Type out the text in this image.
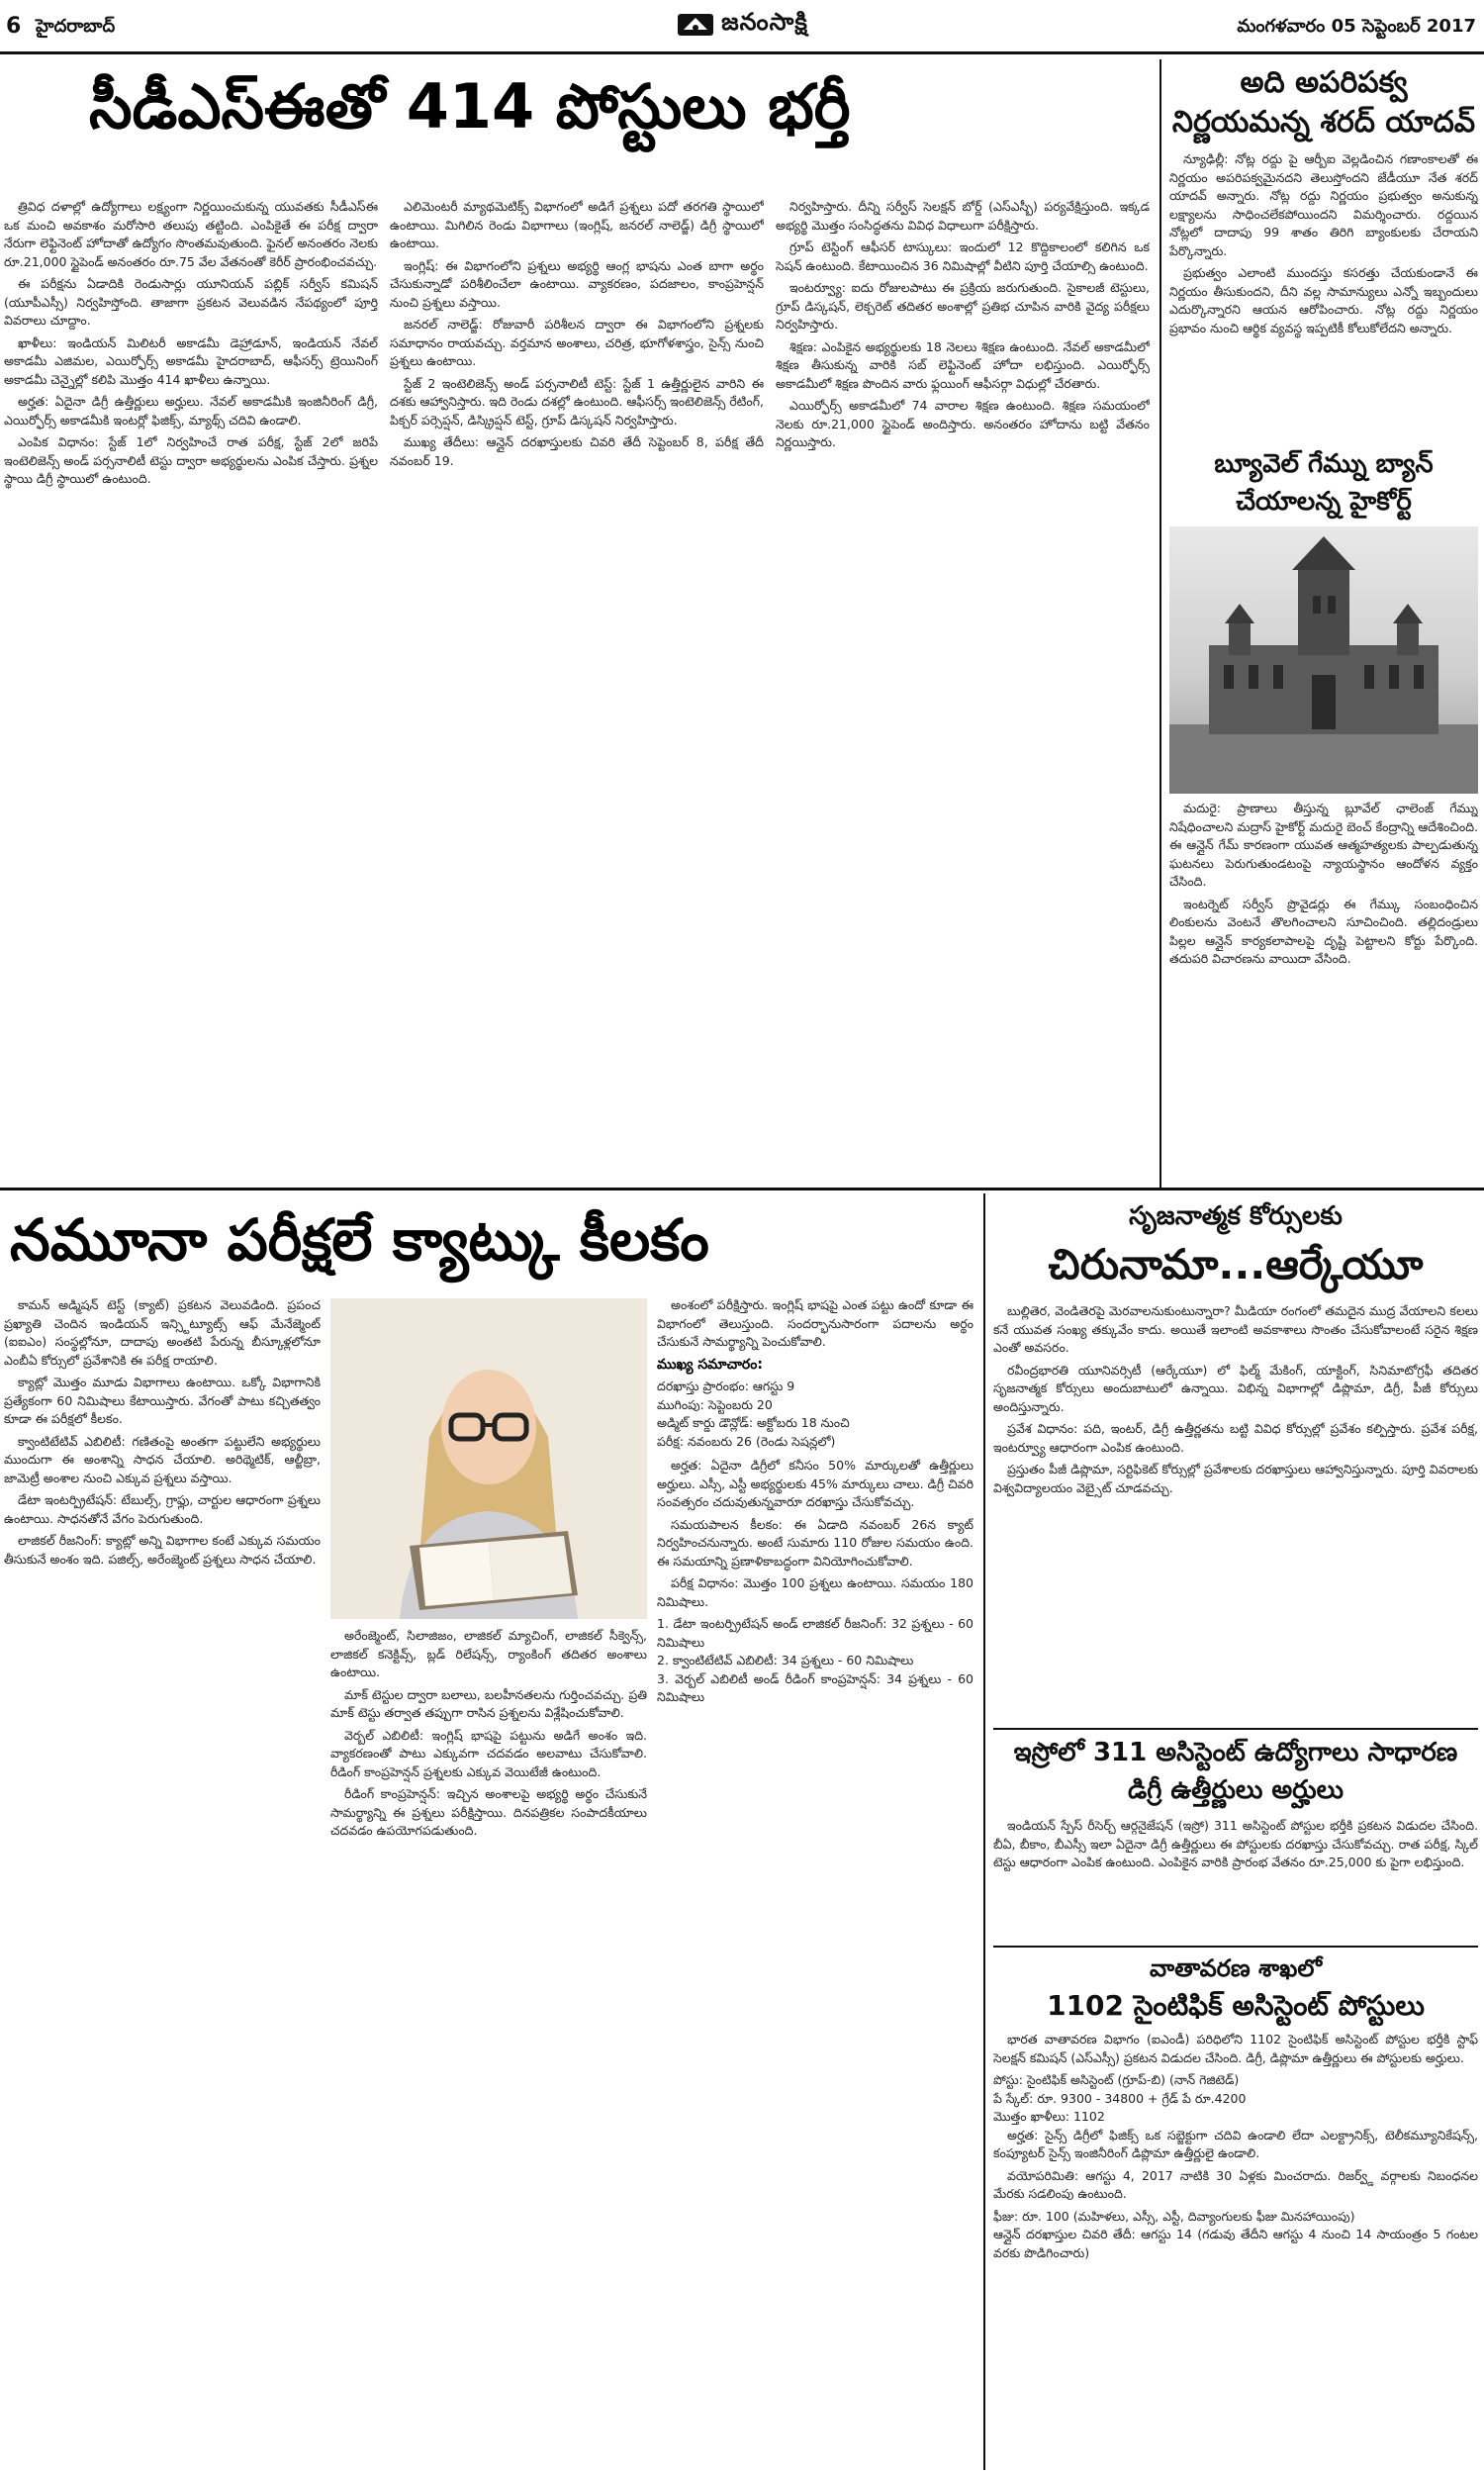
6 హైదరాబాద్	జనంసాక్షి	మంగళవారం 05 సెప్టెంబర్ 2017
సీడీఎస్ఈతో 414 పోస్టులు భర్తీ

త్రివిధ దళాల్లో ఉద్యోగాలు లక్ష్యంగా నిర్ణయించుకున్న యువతకు సీడీఎస్ఈ ఒక మంచి అవకాశం మరోసారి తలుపు తట్టింది. ఎంపికైతే ఈ పరీక్ష ద్వారా నేరుగా లెఫ్టినెంట్ హోదాతో ఉద్యోగం సొంతమవుతుంది. ఫైనల్ అనంతరం నెలకు రూ.21,000 స్టైపెండ్ అనంతరం రూ.75 వేల వేతనంతో కెరీర్ ప్రారంభించవచ్చు.

ఈ పరీక్షను ఏడాదికి రెండుసార్లు యూనియన్ పబ్లిక్ సర్వీస్ కమిషన్ (యూపీఎస్సీ) నిర్వహిస్తోంది. తాజాగా ప్రకటన వెలువడిన నేపథ్యంలో పూర్తి వివరాలు చూద్దాం.

ఖాళీలు: ఇండియన్ మిలిటరీ అకాడమీ డెహ్రాడూన్, ఇండియన్ నేవల్ అకాడమీ ఎజిమల, ఎయిర్ఫోర్స్ అకాడమీ హైదరాబాద్, ఆఫీసర్స్ ట్రెయినింగ్ అకాడమీ చెన్నైల్లో కలిపి మొత్తం 414 ఖాళీలు ఉన్నాయి.

అర్హత: ఏదైనా డిగ్రీ ఉత్తీర్ణులు అర్హులు. నేవల్ అకాడమీకి ఇంజినీరింగ్ డిగ్రీ, ఎయిర్ఫోర్స్ అకాడమీకి ఇంటర్లో ఫిజిక్స్, మ్యాథ్స్ చదివి ఉండాలి.

ఎంపిక విధానం: స్టేజ్ 1లో నిర్వహించే రాత పరీక్ష, స్టేజ్ 2లో జరిపే ఇంటెలిజెన్స్ అండ్ పర్సనాలిటీ టెస్టు ద్వారా అభ్యర్థులను ఎంపిక చేస్తారు. ప్రశ్నల స్థాయి డిగ్రీ స్థాయిలో ఉంటుంది.

ఎలిమెంటరీ మ్యాథమెటిక్స్ విభాగంలో అడిగే ప్రశ్నలు పదో తరగతి స్థాయిలో ఉంటాయి. మిగిలిన రెండు విభాగాలు (ఇంగ్లిష్, జనరల్ నాలెడ్జ్) డిగ్రీ స్థాయిలో ఉంటాయి.

ఇంగ్లిష్: ఈ విభాగంలోని ప్రశ్నలు అభ్యర్థి ఆంగ్ల భాషను ఎంత బాగా అర్థం చేసుకున్నాడో పరిశీలించేలా ఉంటాయి. వ్యాకరణం, పదజాలం, కాంప్రహెన్షన్ నుంచి ప్రశ్నలు వస్తాయి.

జనరల్ నాలెడ్జ్: రోజువారీ పరిశీలన ద్వారా ఈ విభాగంలోని ప్రశ్నలకు సమాధానం రాయవచ్చు. వర్తమాన అంశాలు, చరిత్ర, భూగోళశాస్త్రం, సైన్స్ నుంచి ప్రశ్నలు ఉంటాయి.

స్టేజ్ 2 ఇంటెలిజెన్స్ అండ్ పర్సనాలిటీ టెస్ట్: స్టేజ్ 1 ఉత్తీర్ణులైన వారిని ఈ దశకు ఆహ్వానిస్తారు. ఇది రెండు దశల్లో ఉంటుంది. ఆఫీసర్స్ ఇంటెలిజెన్స్ రేటింగ్, పిక్చర్ పర్సెప్షన్, డిస్క్రిప్షన్ టెస్ట్, గ్రూప్ డిస్కషన్ నిర్వహిస్తారు.

ముఖ్య తేదీలు: ఆన్లైన్ దరఖాస్తులకు చివరి తేదీ సెప్టెంబర్ 8, పరీక్ష తేదీ నవంబర్ 19.

నిర్వహిస్తారు. దీన్ని సర్వీస్ సెలక్షన్ బోర్డ్ (ఎస్ఎస్బీ) పర్యవేక్షిస్తుంది. ఇక్కడ అభ్యర్థి మొత్తం సంసిద్ధతను వివిధ విధాలుగా పరీక్షిస్తారు.

గ్రూప్ టెస్టింగ్ ఆఫీసర్ టాస్కులు: ఇందులో 12 కొద్దికాలంలో కలిగిన ఒక సెషన్ ఉంటుంది. కేటాయించిన 36 నిమిషాల్లో వీటిని పూర్తి చేయాల్సి ఉంటుంది.

ఇంటర్వ్యూ: ఐదు రోజులపాటు ఈ ప్రక్రియ జరుగుతుంది. సైకాలజీ టెస్టులు, గ్రూప్ డిస్కషన్, లెక్చరెట్ తదితర అంశాల్లో ప్రతిభ చూపిన వారికి వైద్య పరీక్షలు నిర్వహిస్తారు.

శిక్షణ: ఎంపికైన అభ్యర్థులకు 18 నెలలు శిక్షణ ఉంటుంది. నేవల్ అకాడమీలో శిక్షణ తీసుకున్న వారికి సబ్ లెఫ్టినెంట్ హోదా లభిస్తుంది. ఎయిర్ఫోర్స్ అకాడమీలో శిక్షణ పొందిన వారు ఫ్లయింగ్ ఆఫీసర్గా విధుల్లో చేరతారు.

ఎయిర్ఫోర్స్ అకాడమీలో 74 వారాల శిక్షణ ఉంటుంది. శిక్షణ సమయంలో నెలకు రూ.21,000 స్టైపెండ్ అందిస్తారు. అనంతరం హోదాను బట్టి వేతనం నిర్ణయిస్తారు.

అది అపరిపక్వ నిర్ణయమన్న శరద్ యాదవ్

న్యూఢిల్లీ: నోట్ల రద్దు పై ఆర్బీఐ వెల్లడించిన గణాంకాలతో ఈ నిర్ణయం అపరిపక్వమైనదని తెలుస్తోందని జేడీయూ నేత శరద్ యాదవ్ అన్నారు. నోట్ల రద్దు నిర్ణయం ప్రభుత్వం అనుకున్న లక్ష్యాలను సాధించలేకపోయిందని విమర్శించారు. రద్దయిన నోట్లలో దాదాపు 99 శాతం తిరిగి బ్యాంకులకు చేరాయని పేర్కొన్నారు.

ప్రభుత్వం ఎలాంటి ముందస్తు కసరత్తు చేయకుండానే ఈ నిర్ణయం తీసుకుందని, దీని వల్ల సామాన్యులు ఎన్నో ఇబ్బందులు ఎదుర్కొన్నారని ఆయన ఆరోపించారు. నోట్ల రద్దు నిర్ణయం ప్రభావం నుంచి ఆర్థిక వ్యవస్థ ఇప్పటికీ కోలుకోలేదని అన్నారు.

బ్యూవెల్ గేమ్ను బ్యాన్ చేయాలన్న హైకోర్ట్

మదురై: ప్రాణాలు తీస్తున్న బ్లూవేల్ ఛాలెంజ్ గేమ్ను నిషేధించాలని మద్రాస్ హైకోర్ట్ మదురై బెంచ్ కేంద్రాన్ని ఆదేశించింది. ఈ ఆన్లైన్ గేమ్ కారణంగా యువత ఆత్మహత్యలకు పాల్పడుతున్న ఘటనలు పెరుగుతుండటంపై న్యాయస్థానం ఆందోళన వ్యక్తం చేసింది.

ఇంటర్నెట్ సర్వీస్ ప్రొవైడర్లు ఈ గేమ్కు సంబంధించిన లింకులను వెంటనే తొలగించాలని సూచించింది. తల్లిదండ్రులు పిల్లల ఆన్లైన్ కార్యకలాపాలపై దృష్టి పెట్టాలని కోర్టు పేర్కొంది. తదుపరి విచారణను వాయిదా వేసింది.

నమూనా పరీక్షలే క్యాట్కు కీలకం

కామన్ అడ్మిషన్ టెస్ట్ (క్యాట్) ప్రకటన వెలువడింది. ప్రపంచ ప్రఖ్యాతి చెందిన ఇండియన్ ఇన్స్టిట్యూట్స్ ఆఫ్ మేనేజ్మెంట్ (ఐఐఎం) సంస్థల్లోనూ, దాదాపు అంతటి పేరున్న బీస్కూళ్లలోనూ ఎంబీఏ కోర్సులో ప్రవేశానికి ఈ పరీక్ష రాయాలి.

క్యాట్లో మొత్తం మూడు విభాగాలు ఉంటాయి. ఒక్కో విభాగానికి ప్రత్యేకంగా 60 నిమిషాలు కేటాయిస్తారు. వేగంతో పాటు కచ్చితత్వం కూడా ఈ పరీక్షలో కీలకం.

క్వాంటిటేటివ్ ఎబిలిటీ: గణితంపై అంతగా పట్టులేని అభ్యర్థులు ముందుగా ఈ అంశాన్ని సాధన చేయాలి. అరిథ్మెటిక్, ఆల్జీబ్రా, జామెట్రీ అంశాల నుంచి ఎక్కువ ప్రశ్నలు వస్తాయి.

డేటా ఇంటర్ప్రిటేషన్: టేబుల్స్, గ్రాఫ్లు, చార్టుల ఆధారంగా ప్రశ్నలు ఉంటాయి. సాధనతోనే వేగం పెరుగుతుంది.

లాజికల్ రీజనింగ్: క్యాట్లో అన్ని విభాగాల కంటే ఎక్కువ సమయం తీసుకునే అంశం ఇది. పజిల్స్, అరేంజ్మెంట్ ప్రశ్నలు సాధన చేయాలి.

అరేంజ్మెంట్, సిలాజిజం, లాజికల్ మ్యాచింగ్, లాజికల్ సీక్వెన్స్, లాజికల్ కనెక్టివ్స్, బ్లడ్ రిలేషన్స్, ర్యాంకింగ్ తదితర అంశాలు ఉంటాయి.

మాక్ టెస్టుల ద్వారా బలాలు, బలహీనతలను గుర్తించవచ్చు. ప్రతి మాక్ టెస్టు తర్వాత తప్పుగా రాసిన ప్రశ్నలను విశ్లేషించుకోవాలి.

వెర్బల్ ఎబిలిటీ: ఇంగ్లిష్ భాషపై పట్టును అడిగే అంశం ఇది. వ్యాకరణంతో పాటు ఎక్కువగా చదవడం అలవాటు చేసుకోవాలి. రీడింగ్ కాంప్రహెన్షన్ ప్రశ్నలకు ఎక్కువ వెయిటేజీ ఉంటుంది.

రీడింగ్ కాంప్రహెన్షన్: ఇచ్చిన అంశాలపై అభ్యర్థి అర్థం చేసుకునే సామర్థ్యాన్ని ఈ ప్రశ్నలు పరీక్షిస్తాయి. దినపత్రికల సంపాదకీయాలు చదవడం ఉపయోగపడుతుంది.

అంశంలో పరీక్షిస్తారు. ఇంగ్లిష్ భాషపై ఎంత పట్టు ఉందో కూడా ఈ విభాగంలో తెలుస్తుంది. సందర్భానుసారంగా పదాలను అర్థం చేసుకునే సామర్థ్యాన్ని పెంచుకోవాలి.

ముఖ్య సమాచారం:
దరఖాస్తు ప్రారంభం: ఆగస్టు 9
ముగింపు: సెప్టెంబరు 20
అడ్మిట్ కార్డు డౌన్లోడ్: అక్టోబరు 18 నుంచి
పరీక్ష: నవంబరు 26 (రెండు సెషన్లలో)

అర్హత: ఏదైనా డిగ్రీలో కనీసం 50% మార్కులతో ఉత్తీర్ణులు అర్హులు. ఎస్సీ, ఎస్టీ అభ్యర్థులకు 45% మార్కులు చాలు. డిగ్రీ చివరి సంవత్సరం చదువుతున్నవారూ దరఖాస్తు చేసుకోవచ్చు.

సమయపాలన కీలకం: ఈ ఏడాది నవంబర్ 26న క్యాట్ నిర్వహించనున్నారు. అంటే సుమారు 110 రోజుల సమయం ఉంది. ఈ సమయాన్ని ప్రణాళికాబద్ధంగా వినియోగించుకోవాలి.

పరీక్ష విధానం: మొత్తం 100 ప్రశ్నలు ఉంటాయి. సమయం 180 నిమిషాలు.

1. డేటా ఇంటర్ప్రిటేషన్ అండ్ లాజికల్ రీజనింగ్: 32 ప్రశ్నలు - 60 నిమిషాలు
2. క్వాంటిటేటివ్ ఎబిలిటీ: 34 ప్రశ్నలు - 60 నిమిషాలు
3. వెర్బల్ ఎబిలిటీ అండ్ రీడింగ్ కాంప్రహెన్షన్: 34 ప్రశ్నలు - 60 నిమిషాలు
సృజనాత్మక కోర్సులకు
చిరునామా...ఆర్కేయూ

బుల్లితెర, వెండితెరపై మెరవాలనుకుంటున్నారా? మీడియా రంగంలో తమదైన ముద్ర వేయాలని కలలు కనే యువత సంఖ్య తక్కువేం కాదు. అయితే ఇలాంటి అవకాశాలు సొంతం చేసుకోవాలంటే సరైన శిక్షణ ఎంతో అవసరం.

రవీంద్రభారతి యూనివర్సిటీ (ఆర్కేయూ) లో ఫిల్మ్ మేకింగ్, యాక్టింగ్, సినిమాటోగ్రఫీ తదితర సృజనాత్మక కోర్సులు అందుబాటులో ఉన్నాయి. విభిన్న విభాగాల్లో డిప్లొమా, డిగ్రీ, పీజీ కోర్సులు అందిస్తున్నారు.

ప్రవేశ విధానం: పది, ఇంటర్, డిగ్రీ ఉత్తీర్ణతను బట్టి వివిధ కోర్సుల్లో ప్రవేశం కల్పిస్తారు. ప్రవేశ పరీక్ష, ఇంటర్వ్యూ ఆధారంగా ఎంపిక ఉంటుంది.

ప్రస్తుతం పీజీ డిప్లొమా, సర్టిఫికెట్ కోర్సుల్లో ప్రవేశాలకు దరఖాస్తులు ఆహ్వానిస్తున్నారు. పూర్తి వివరాలకు విశ్వవిద్యాలయం వెబ్సైట్ చూడవచ్చు.

ఇస్రోలో 311 అసిస్టెంట్ ఉద్యోగాలు సాధారణ డిగ్రీ ఉత్తీర్ణులు అర్హులు

ఇండియన్ స్పేస్ రీసెర్చ్ ఆర్గనైజేషన్ (ఇస్రో) 311 అసిస్టెంట్ పోస్టుల భర్తీకి ప్రకటన విడుదల చేసింది. బీఏ, బీకాం, బీఎస్సీ ఇలా ఏదైనా డిగ్రీ ఉత్తీర్ణులు ఈ పోస్టులకు దరఖాస్తు చేసుకోవచ్చు. రాత పరీక్ష, స్కిల్ టెస్టు ఆధారంగా ఎంపిక ఉంటుంది. ఎంపికైన వారికి ప్రారంభ వేతనం రూ.25,000 కు పైగా లభిస్తుంది.

వాతావరణ శాఖలో
1102 సైంటిఫిక్ అసిస్టెంట్ పోస్టులు

భారత వాతావరణ విభాగం (ఐఎండీ) పరిధిలోని 1102 సైంటిఫిక్ అసిస్టెంట్ పోస్టుల భర్తీకి స్టాఫ్ సెలక్షన్ కమిషన్ (ఎస్ఎస్సీ) ప్రకటన విడుదల చేసింది. డిగ్రీ, డిప్లొమా ఉత్తీర్ణులు ఈ పోస్టులకు అర్హులు.

పోస్టు: సైంటిఫిక్ అసిస్టెంట్ (గ్రూప్-బి) (నాన్ గెజిటెడ్)
పే స్కేల్: రూ. 9300 - 34800 + గ్రేడ్ పే రూ.4200
మొత్తం ఖాళీలు: 1102

అర్హత: సైన్స్ డిగ్రీలో ఫిజిక్స్ ఒక సబ్జెక్టుగా చదివి ఉండాలి లేదా ఎలక్ట్రానిక్స్, టెలీకమ్యూనికేషన్స్, కంప్యూటర్ సైన్స్ ఇంజినీరింగ్ డిప్లొమా ఉత్తీర్ణులై ఉండాలి.

వయోపరిమితి: ఆగస్టు 4, 2017 నాటికి 30 ఏళ్లకు మించరాదు. రిజర్వ్డ్ వర్గాలకు నిబంధనల మేరకు సడలింపు ఉంటుంది.

ఫీజు: రూ. 100 (మహిళలు, ఎస్సీ, ఎస్టీ, దివ్యాంగులకు ఫీజు మినహాయింపు)
ఆన్లైన్ దరఖాస్తుల చివరి తేదీ: ఆగస్టు 14 (గడువు తేదీని ఆగస్టు 4 నుంచి 14 సాయంత్రం 5 గంటల వరకు పొడిగించారు)
